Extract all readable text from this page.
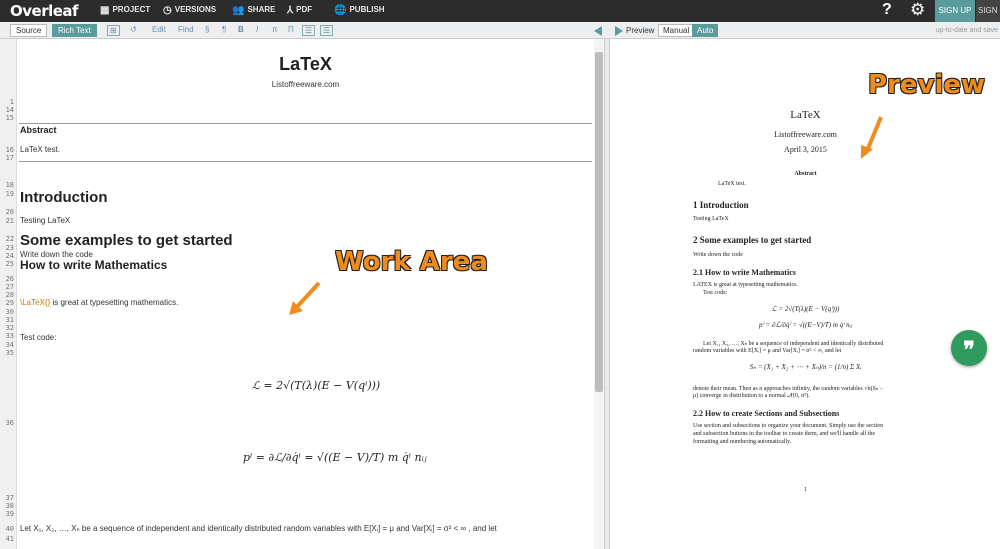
Overleaf ▦ PROJECT ◷ VERSIONS 👥 SHARE ⅄ PDF 🌐 PUBLISH	? ⚙	SIGN UP SIGN
Source	Rich Text	⊞	↺ Edit Find § ¶ B I π Π	☰	☰	Preview	Manual Auto	up-to-date and save
1
14
15
16
17
18
19
20
21
22
23
24
25
26
27
28
29
30
31
32
33
34
35
36
37
38
39
40
41
LaTeX
Listoffreeware.com
Abstract
LaTeX test.
Introduction
Testing LaTeX
Some examples to get started
Write down the code
How to write Mathematics
\LaTeX{} is great at typesetting mathematics.
Test code:
ℒ = 2√(T(λ)(E − V(qⁱ)))
pⁱ = ∂ℒ/∂q̇ⁱ = √((E − V)/T) m q̇ⁱ nᵢⱼ
Let X₁, X₂, …, Xₙ be a sequence of independent and identically distributed random variables with E[Xᵢ] = μ and Var[Xᵢ] = σ² < ∞ , and let
Work Area
LaTeX
Listoffreeware.com
April 3, 2015
Abstract
LaTeX test.
1 Introduction
Testing LaTeX
2 Some examples to get started
Write down the code
2.1 How to write Mathematics
LATEX is great at typesetting mathematics.
Test code:
ℒ = 2√(T(λ)(E − V(qⁱ)))
pⁱ = ∂ℒ/∂q̇ⁱ = √((E−V)/T) m q̇ⁱ nᵢⱼ
Let X₁, X₂, …, Xₙ be a sequence of independent and identically distributed
random variables with E[Xᵢ] = μ and Var[Xᵢ] = σ² < ∞, and let
Sₙ = (X₁ + X₂ + ⋯ + Xₙ)/n = (1/n) Σ Xᵢ
denote their mean. Then as n approaches infinity, the random variables √n(Sₙ −
μ) converge in distribution to a normal 𝒩(0, σ²).
2.2 How to create Sections and Subsections
Use section and subsections to organize your document. Simply use the section
and subsection buttons in the toolbar to create them, and we'll handle all the
formatting and numbering automatically.
1
Preview
❞
